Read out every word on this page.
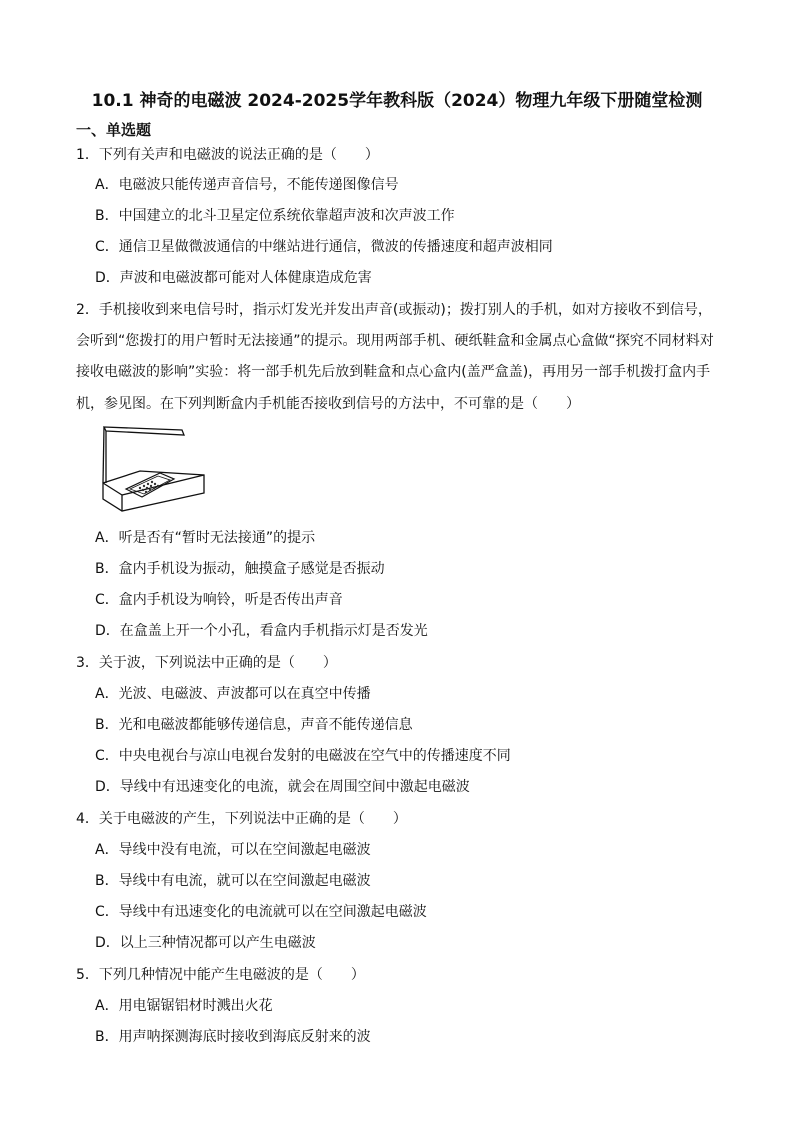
10.1 神奇的电磁波 2024-2025学年教科版（2024）物理九年级下册随堂检测
一、单选题
1．下列有关声和电磁波的说法正确的是（　　）
A．电磁波只能传递声音信号，不能传递图像信号
B．中国建立的北斗卫星定位系统依靠超声波和次声波工作
C．通信卫星做微波通信的中继站进行通信，微波的传播速度和超声波相同
D．声波和电磁波都可能对人体健康造成危害
2．手机接收到来电信号时，指示灯发光并发出声音(或振动)；拨打别人的手机，如对方接收不到信号，
会听到“您拨打的用户暂时无法接通”的提示。现用两部手机、硬纸鞋盒和金属点心盒做“探究不同材料对
接收电磁波的影响”实验：将一部手机先后放到鞋盒和点心盒内(盖严盒盖)，再用另一部手机拨打盒内手
机，参见图。在下列判断盒内手机能否接收到信号的方法中，不可靠的是（　　）
A．听是否有“暂时无法接通”的提示
B．盒内手机设为振动，触摸盒子感觉是否振动
C．盒内手机设为响铃，听是否传出声音
D．在盒盖上开一个小孔，看盒内手机指示灯是否发光
3．关于波，下列说法中正确的是（　　）
A．光波、电磁波、声波都可以在真空中传播
B．光和电磁波都能够传递信息，声音不能传递信息
C．中央电视台与凉山电视台发射的电磁波在空气中的传播速度不同
D．导线中有迅速变化的电流，就会在周围空间中激起电磁波
4．关于电磁波的产生，下列说法中正确的是（　　）
A．导线中没有电流，可以在空间激起电磁波
B．导线中有电流，就可以在空间激起电磁波
C．导线中有迅速变化的电流就可以在空间激起电磁波
D．以上三种情况都可以产生电磁波
5．下列几种情况中能产生电磁波的是（　　）
A．用电锯锯铝材时溅出火花
B．用声呐探测海底时接收到海底反射来的波
